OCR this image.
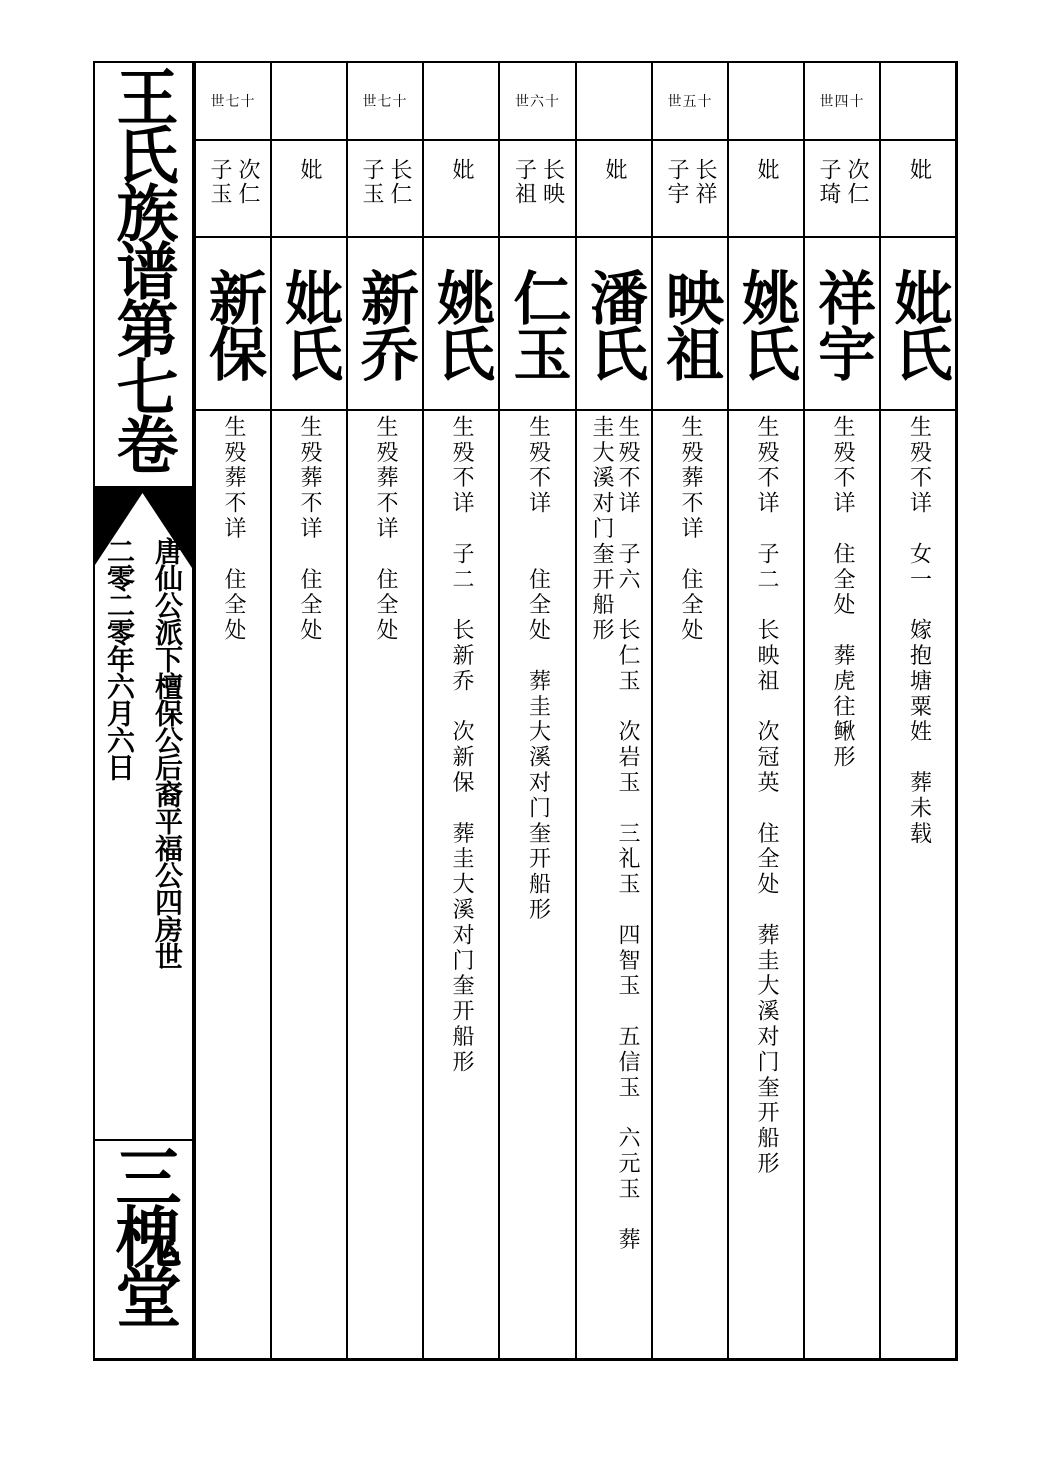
王氏族谱第七卷
唐仙公派下檀保公后裔平福公四房世
二零二零年六月六日
三槐堂
妣
妣氏
生殁不详　女一　嫁抱塘粟姓　葬未载
世四十
次仁
子琦
祥宇
生殁不详　住全处　葬虎往鳅形
妣
姚氏
生殁不详　子二　长映祖　次冠英　住全处　葬圭大溪对门奎开船形
世五十
长祥
子宇
映祖
生殁葬不详　住全处
妣
潘氏
生殁不详　子六　长仁玉　次岩玉　三礼玉　四智玉　五信玉　六元玉　葬
圭大溪对门奎开船形
世六十
长映
子祖
仁玉
生殁不详　　住全处　葬圭大溪对门奎开船形
妣
姚氏
生殁不详　子二　长新乔　次新保　葬圭大溪对门奎开船形
世七十
长仁
子玉
新乔
生殁葬不详　住全处
妣
妣氏
生殁葬不详　住全处
世七十
次仁
子玉
新保
生殁葬不详　住全处
